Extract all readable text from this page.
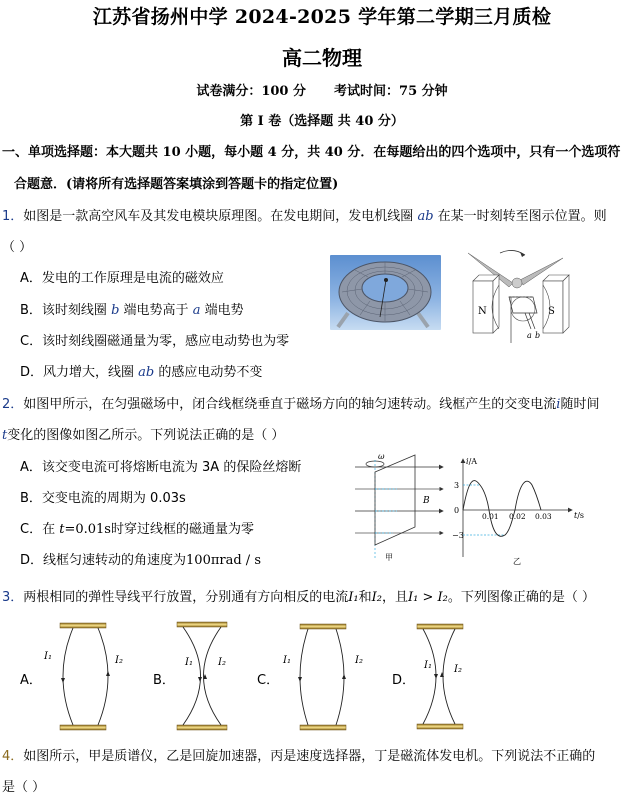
江苏省扬州中学 2024-2025 学年第二学期三月质检
高二物理
试卷满分：100 分 考试时间：75 分钟
第 I 卷（选择题 共 40 分）
一、单项选择题：本大题共 10 小题，每小题 4 分，共 40 分．在每题给出的四个选项中，只有一个选项符
合题意．(请将所有选择题答案填涂到答题卡的指定位置)
1．如图是一款高空风车及其发电模块原理图。在发电期间，发电机线圈 ab 在某一时刻转至图示位置。则
（ ）
A．发电的工作原理是电流的磁效应
B．该时刻线圈 b 端电势高于 a 端电势
C．该时刻线圈磁通量为零，感应电动势也为零
D．风力增大，线圈 ab 的感应电动势不变
N	S
a b
2．如图甲所示，在匀强磁场中，闭合线框绕垂直于磁场方向的轴匀速转动。线框产生的交变电流i随时间
t变化的图像如图乙所示。下列说法正确的是（ ）
A．该交变电流可将熔断电流为 3A 的保险丝熔断
B．交变电流的周期为 0.03s
C．在 t=0.01s时穿过线框的磁通量为零
D．线框匀速转动的角速度为100πrad / s
ω
B
甲
i/A
t/s
3
0
−3
0.01 0.02 0.03
乙
3．两根相同的弹性导线平行放置，分别通有方向相反的电流I₁和I₂，且I₁ > I₂。下列图像正确的是（ ）
A．
I₁	I₂
B．
I₁	I₂
C．
I₁	I₂
D．
I₁ I₂
4．如图所示，甲是质谱仪，乙是回旋加速器，丙是速度选择器，丁是磁流体发电机。下列说法不正确的
是（ ）
